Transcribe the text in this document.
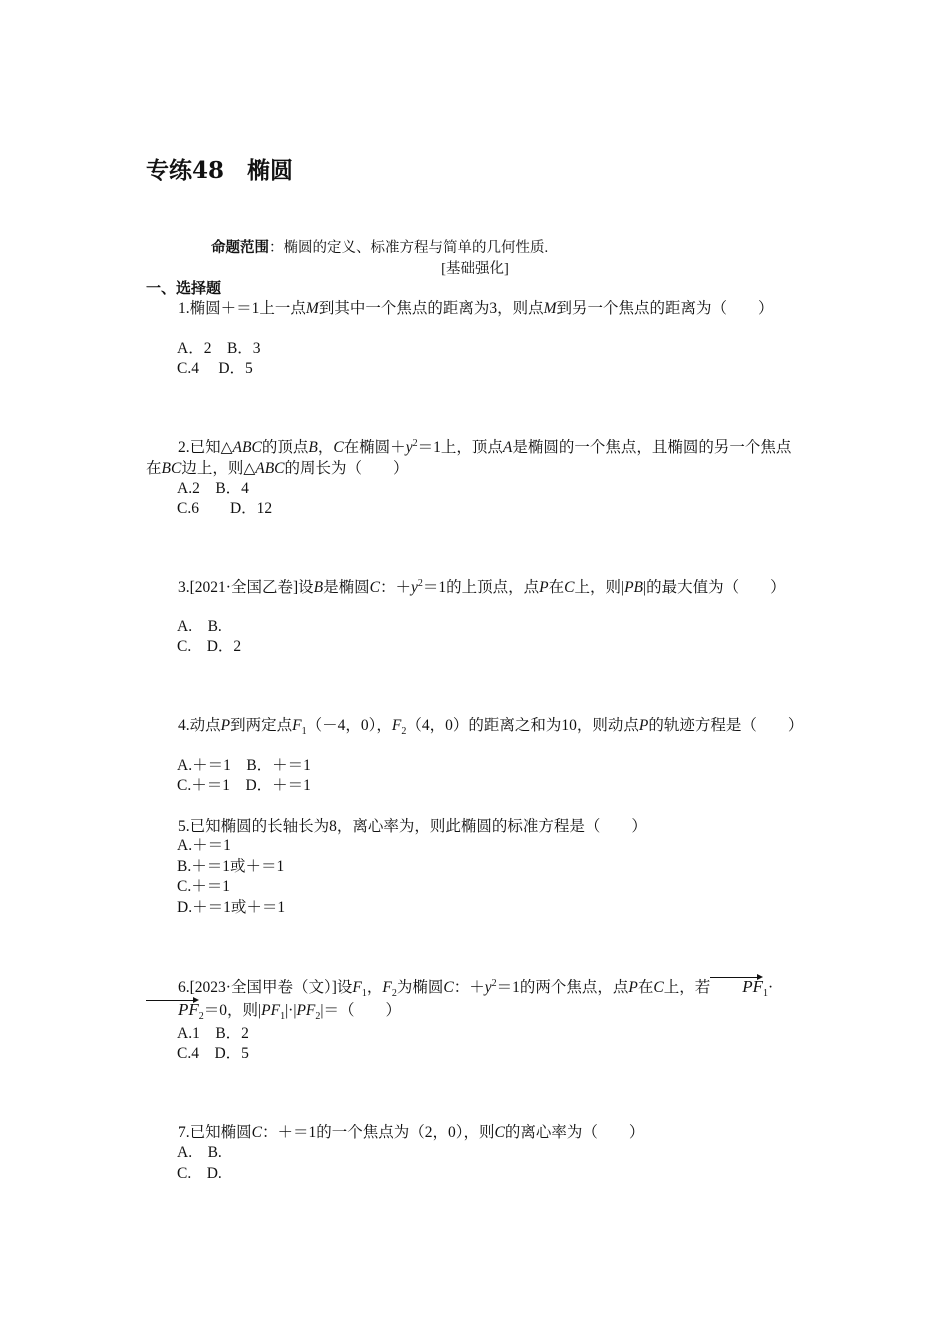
专练48　椭圆
命题范围：椭圆的定义、标准方程与简单的几何性质.
[基础强化]
一、选择题
1.椭圆＋＝1上一点M到其中一个焦点的距离为3，则点M到另一个焦点的距离为（　　）
A．2　B．3
C.4　 D．5
2.已知△ABC的顶点B，C在椭圆$+y^2=1$上，顶点A是椭圆的一个焦点，且椭圆的另一个焦点在BC边上，则△ABC的周长为（　　）
A.2　B．4
C.6　　D．12
3.[2021·全国乙卷]设B是椭圆C：$+y^2=1$的上顶点，点P在C上，则|PB|的最大值为（　　）
A.　B.
C.　D．2
4.动点P到两定点$F_1(-4$，0），$F_2(4$，0）的距离之和为10，则动点P的轨迹方程是（　　）
A.＋＝1　B．＋＝1
C.＋＝1　D．＋＝1
5.已知椭圆的长轴长为8，离心率为，则此椭圆的标准方程是（　　）
A.＋＝1
B.＋＝1或＋＝1
C.＋＝1
D.＋＝1或＋＝1
6.[2023·全国甲卷（文）]设$F_1$，$F_2$为椭圆C：$+y^2=1$的两个焦点，点P在C上，若 $PF_1\cdot PF_2=0$，则$|PF_1|\cdot|PF_2|=$（　　）
A.1　B．2
C.4　D．5
7.已知椭圆C：＋＝1的一个焦点为（2，0），则C的离心率为（　　）
A.　B.
C.　D.
